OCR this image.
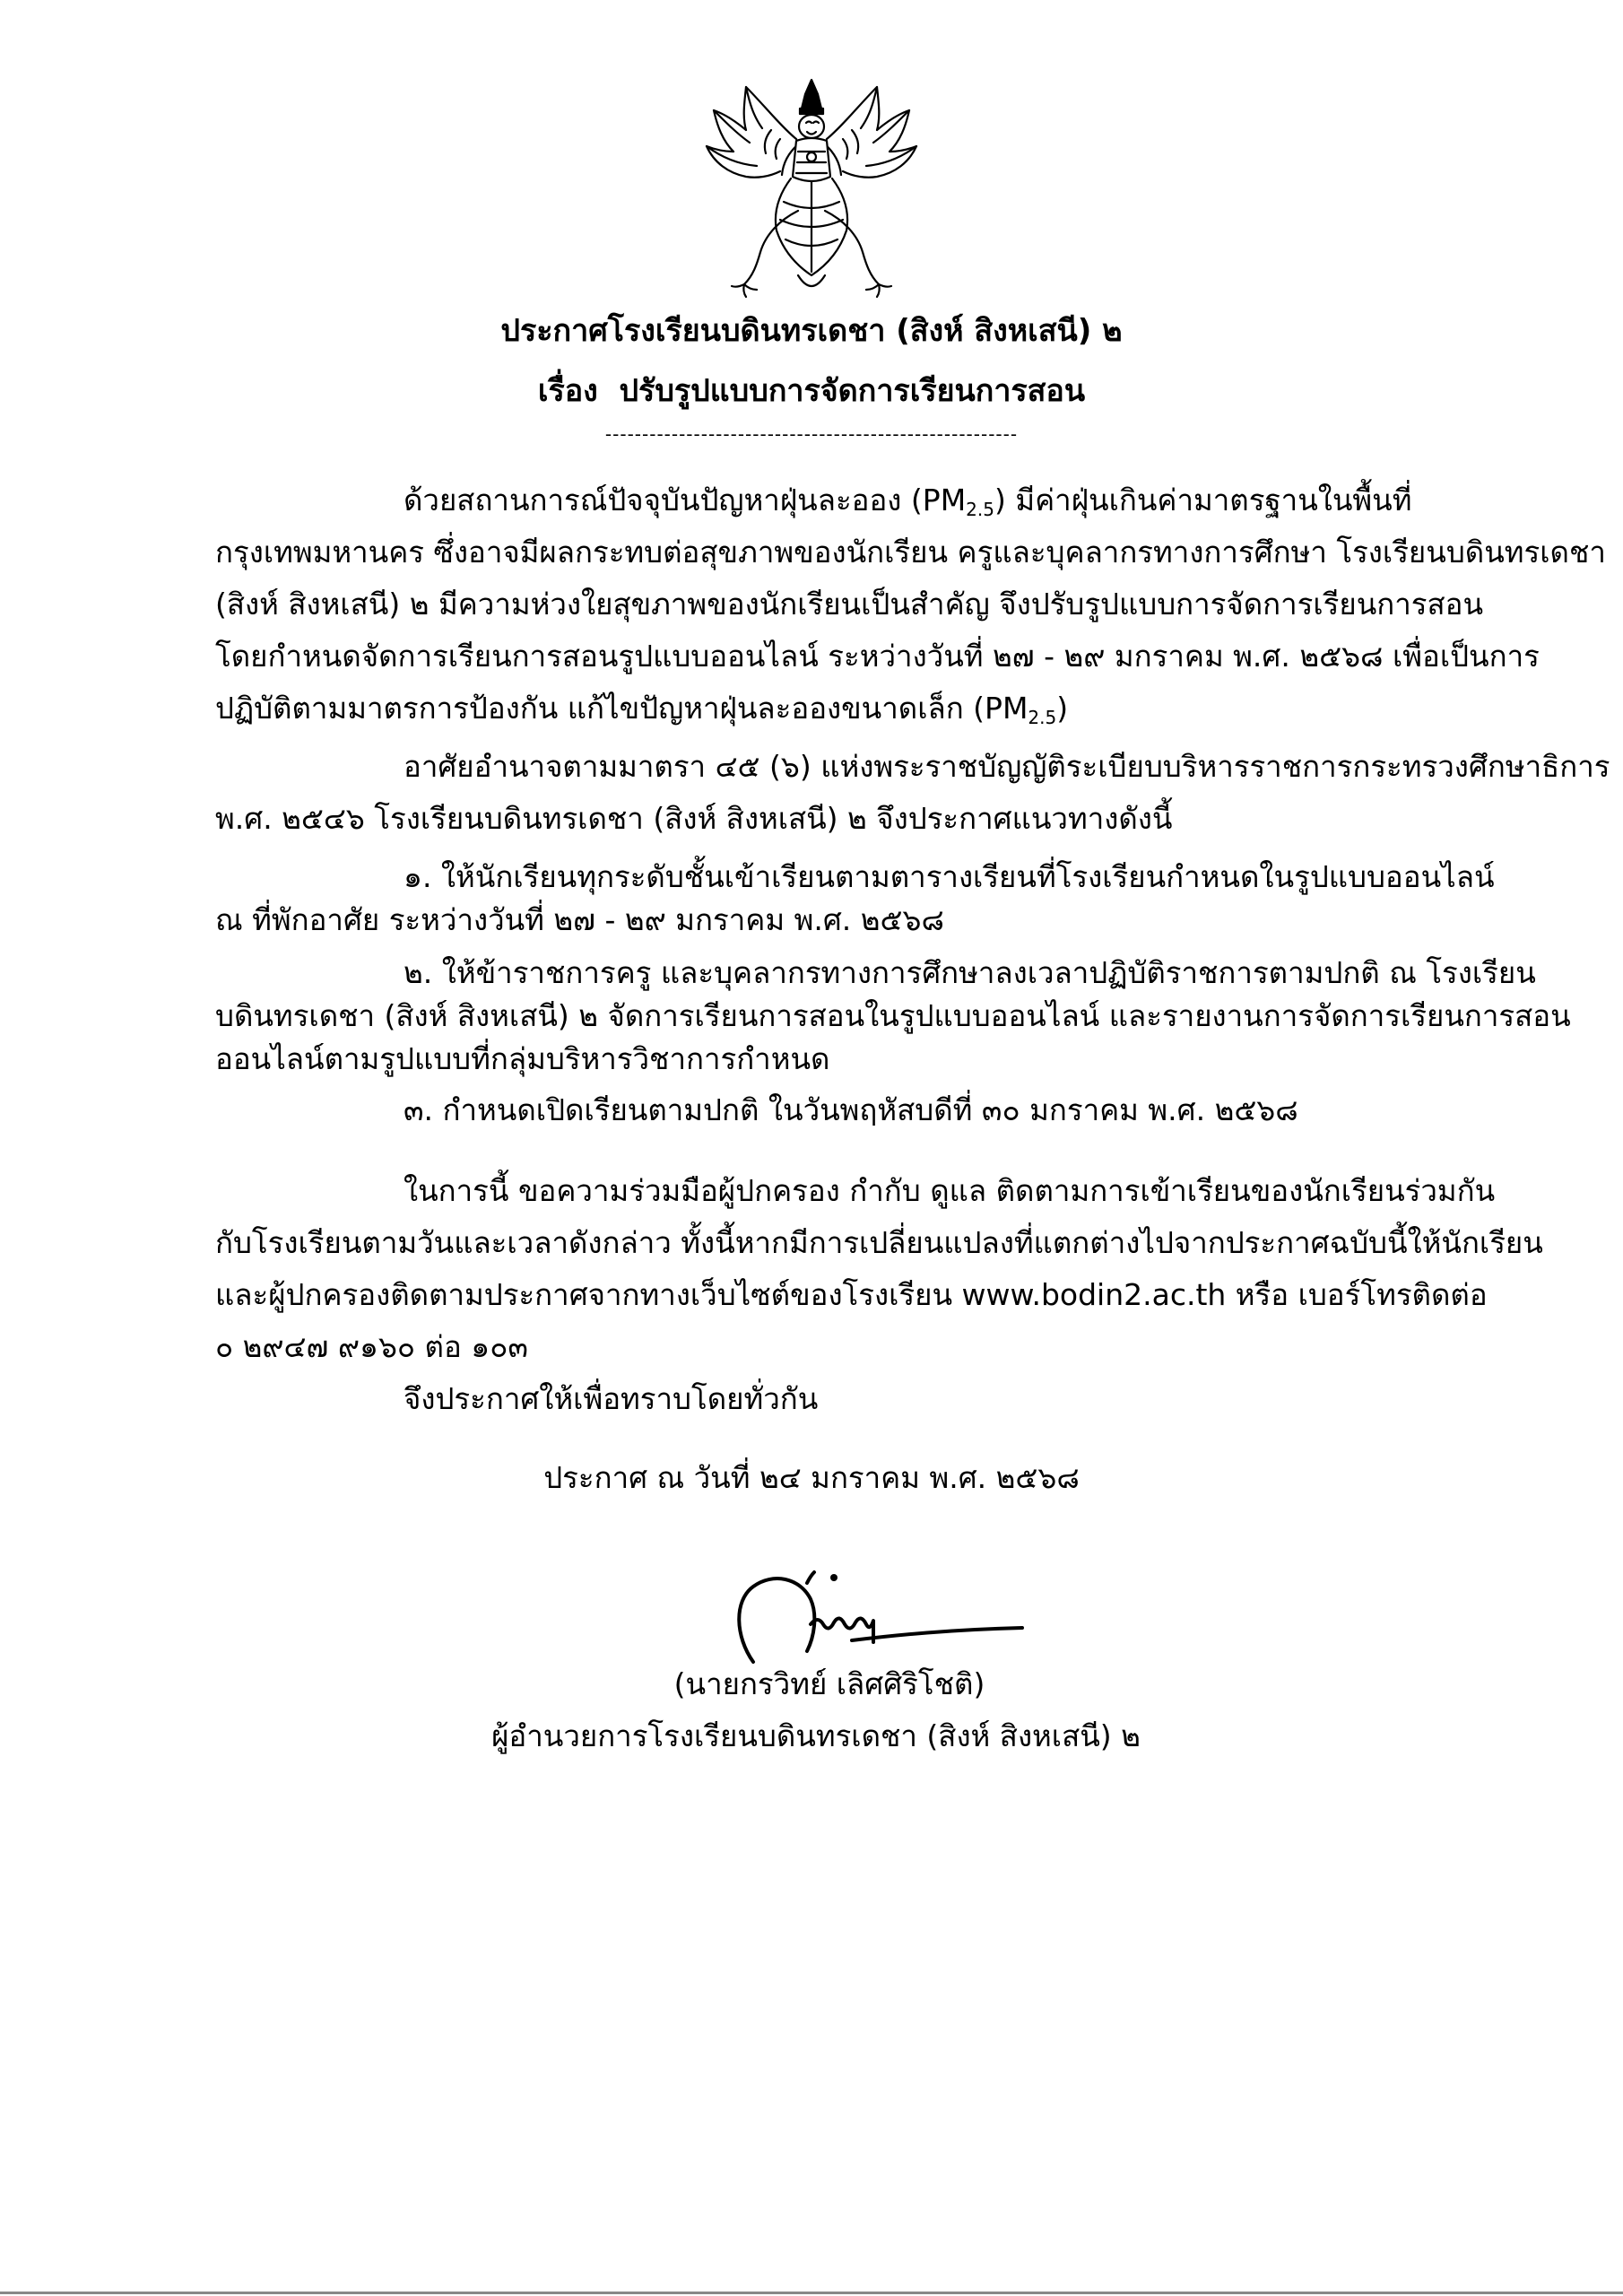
ประกาศโรงเรียนบดินทรเดชา (สิงห์ สิงหเสนี) ๒
เรื่อง ปรับรูปแบบการจัดการเรียนการสอน
--------------------------------------------------------
ด้วยสถานการณ์ปัจจุบันปัญหาฝุ่นละออง $(PM_{2.5})$ มีค่าฝุ่นเกินค่ามาตรฐานในพื้นที่
กรุงเทพมหานคร ซึ่งอาจมีผลกระทบต่อสุขภาพของนักเรียน ครูและบุคลากรทางการศึกษา โรงเรียนบดินทรเดชา
(สิงห์ สิงหเสนี) ๒ มีความห่วงใยสุขภาพของนักเรียนเป็นสำคัญ จึงปรับรูปแบบการจัดการเรียนการสอน
โดยกำหนดจัดการเรียนการสอนรูปแบบออนไลน์ ระหว่างวันที่ ๒๗ - ๒๙ มกราคม พ.ศ. ๒๕๖๘ เพื่อเป็นการ
ปฏิบัติตามมาตรการป้องกัน แก้ไขปัญหาฝุ่นละอองขนาดเล็ก $(PM_{2.5})$
อาศัยอำนาจตามมาตรา ๔๕ (๖) แห่งพระราชบัญญัติระเบียบบริหารราชการกระทรวงศึกษาธิการ
พ.ศ. ๒๕๔๖ โรงเรียนบดินทรเดชา (สิงห์ สิงหเสนี) ๒ จึงประกาศแนวทางดังนี้
๑. ให้นักเรียนทุกระดับชั้นเข้าเรียนตามตารางเรียนที่โรงเรียนกำหนดในรูปแบบออนไลน์
ณ ที่พักอาศัย ระหว่างวันที่ ๒๗ - ๒๙ มกราคม พ.ศ. ๒๕๖๘
๒. ให้ข้าราชการครู และบุคลากรทางการศึกษาลงเวลาปฏิบัติราชการตามปกติ ณ โรงเรียน
บดินทรเดชา (สิงห์ สิงหเสนี) ๒ จัดการเรียนการสอนในรูปแบบออนไลน์ และรายงานการจัดการเรียนการสอน
ออนไลน์ตามรูปแบบที่กลุ่มบริหารวิชาการกำหนด
๓. กำหนดเปิดเรียนตามปกติ ในวันพฤหัสบดีที่ ๓๐ มกราคม พ.ศ. ๒๕๖๘
ในการนี้ ขอความร่วมมือผู้ปกครอง กำกับ ดูแล ติดตามการเข้าเรียนของนักเรียนร่วมกัน
กับโรงเรียนตามวันและเวลาดังกล่าว ทั้งนี้หากมีการเปลี่ยนแปลงที่แตกต่างไปจากประกาศฉบับนี้ให้นักเรียน
และผู้ปกครองติดตามประกาศจากทางเว็บไซต์ของโรงเรียน www.bodin2.ac.th หรือ เบอร์โทรติดต่อ
๐ ๒๙๔๗ ๙๑๖๐ ต่อ ๑๐๓
จึงประกาศให้เพื่อทราบโดยทั่วกัน
ประกาศ ณ วันที่ ๒๔ มกราคม พ.ศ. ๒๕๖๘
(นายกรวิทย์ เลิศศิริโชติ)
ผู้อำนวยการโรงเรียนบดินทรเดชา (สิงห์ สิงหเสนี) ๒
